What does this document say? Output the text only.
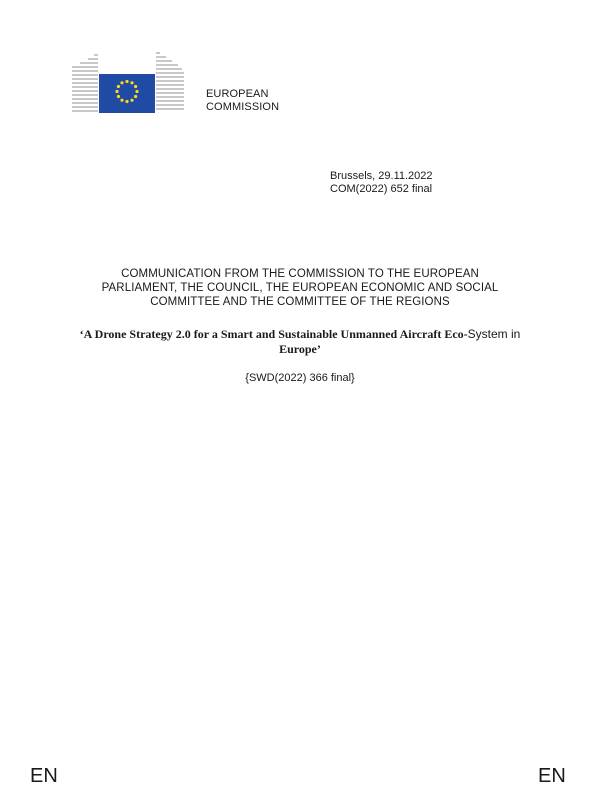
EUROPEAN
COMMISSION
Brussels, 29.11.2022
COM(2022) 652 final
COMMUNICATION FROM THE COMMISSION TO THE EUROPEAN
PARLIAMENT, THE COUNCIL, THE EUROPEAN ECONOMIC AND SOCIAL
COMMITTEE AND THE COMMITTEE OF THE REGIONS
‘A Drone Strategy 2.0 for a Smart and Sustainable Unmanned Aircraft Eco-System in
Europe’
{SWD(2022) 366 final}
EN	EN
